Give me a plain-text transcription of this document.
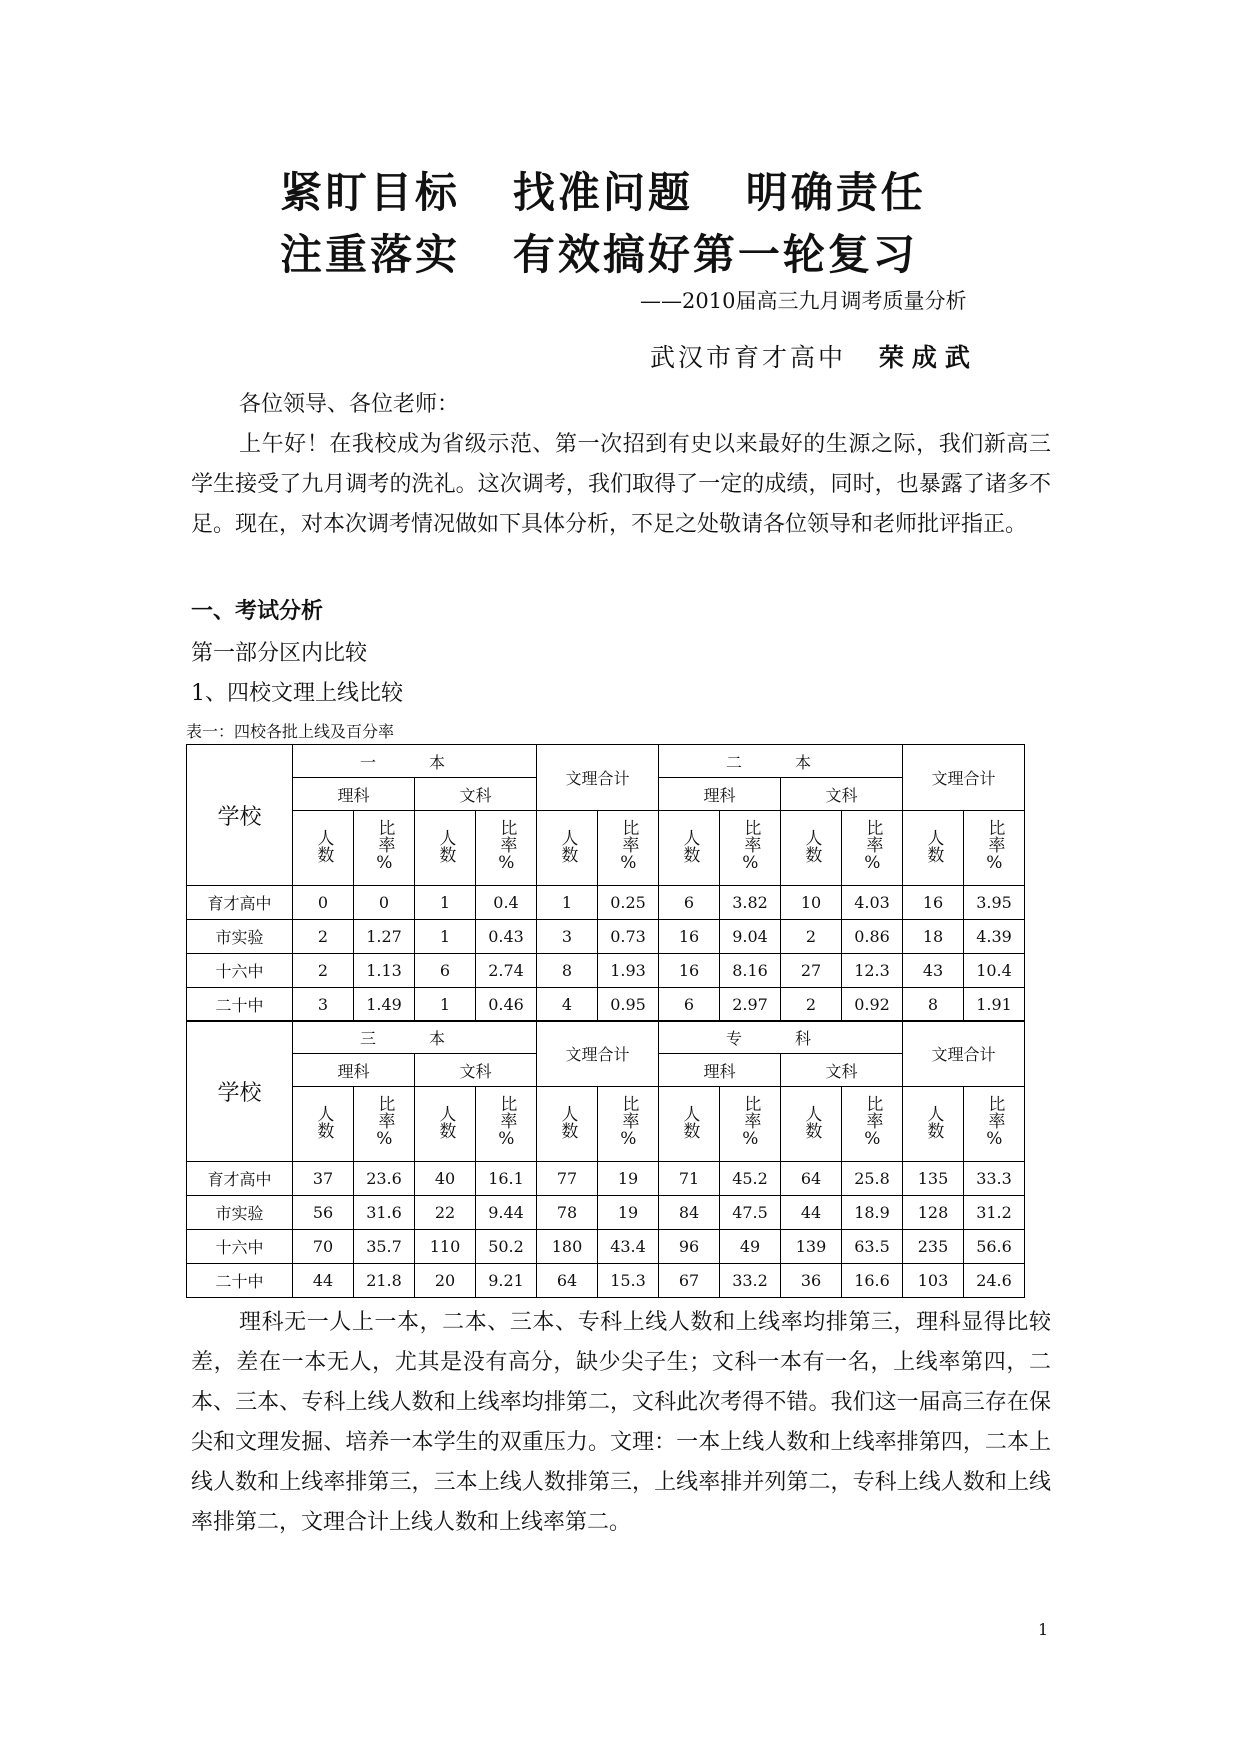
紧盯目标   找准问题   明确责任
注重落实   有效搞好第一轮复习
——2010届高三九月调考质量分析
武汉市育才高中 荣成武
各位领导、各位老师：
上午好！在我校成为省级示范、第一次招到有史以来最好的生源之际，我们新高三学生接受了九月调考的洗礼。这次调考，我们取得了一定的成绩，同时，也暴露了诸多不足。现在，对本次调考情况做如下具体分析，不足之处敬请各位领导和老师批评指正。
一、考试分析
第一部分区内比较
1、四校文理上线比较
表一：四校各批上线及百分率
学校	一 本				文理合计		二 本				文理合计	
	理科		文科				理科		文科			
	人数	比率%	人数	比率%	人数	比率%	人数	比率%	人数	比率%	人数	比率%
育才高中	0	0	1	0.4	1	0.25	6	3.82	10	4.03	16	3.95
市实验	2	1.27	1	0.43	3	0.73	16	9.04	2	0.86	18	4.39
十六中	2	1.13	6	2.74	8	1.93	16	8.16	27	12.3	43	10.4
二十中	3	1.49	1	0.46	4	0.95	6	2.97	2	0.92	8	1.91
学校	三 本				文理合计		专 科				文理合计	
	理科		文科				理科		文科			
	人数	比率%	人数	比率%	人数	比率%	人数	比率%	人数	比率%	人数	比率%
育才高中	37	23.6	40	16.1	77	19	71	45.2	64	25.8	135	33.3
市实验	56	31.6	22	9.44	78	19	84	47.5	44	18.9	128	31.2
十六中	70	35.7	110	50.2	180	43.4	96	49	139	63.5	235	56.6
二十中	44	21.8	20	9.21	64	15.3	67	33.2	36	16.6	103	24.6
理科无一人上一本，二本、三本、专科上线人数和上线率均排第三，理科显得比较差，差在一本无人，尤其是没有高分，缺少尖子生；文科一本有一名，上线率第四，二本、三本、专科上线人数和上线率均排第二，文科此次考得不错。我们这一届高三存在保尖和文理发掘、培养一本学生的双重压力。文理：一本上线人数和上线率排第四，二本上线人数和上线率排第三，三本上线人数排第三，上线率排并列第二，专科上线人数和上线率排第二，文理合计上线人数和上线率第二。
1
